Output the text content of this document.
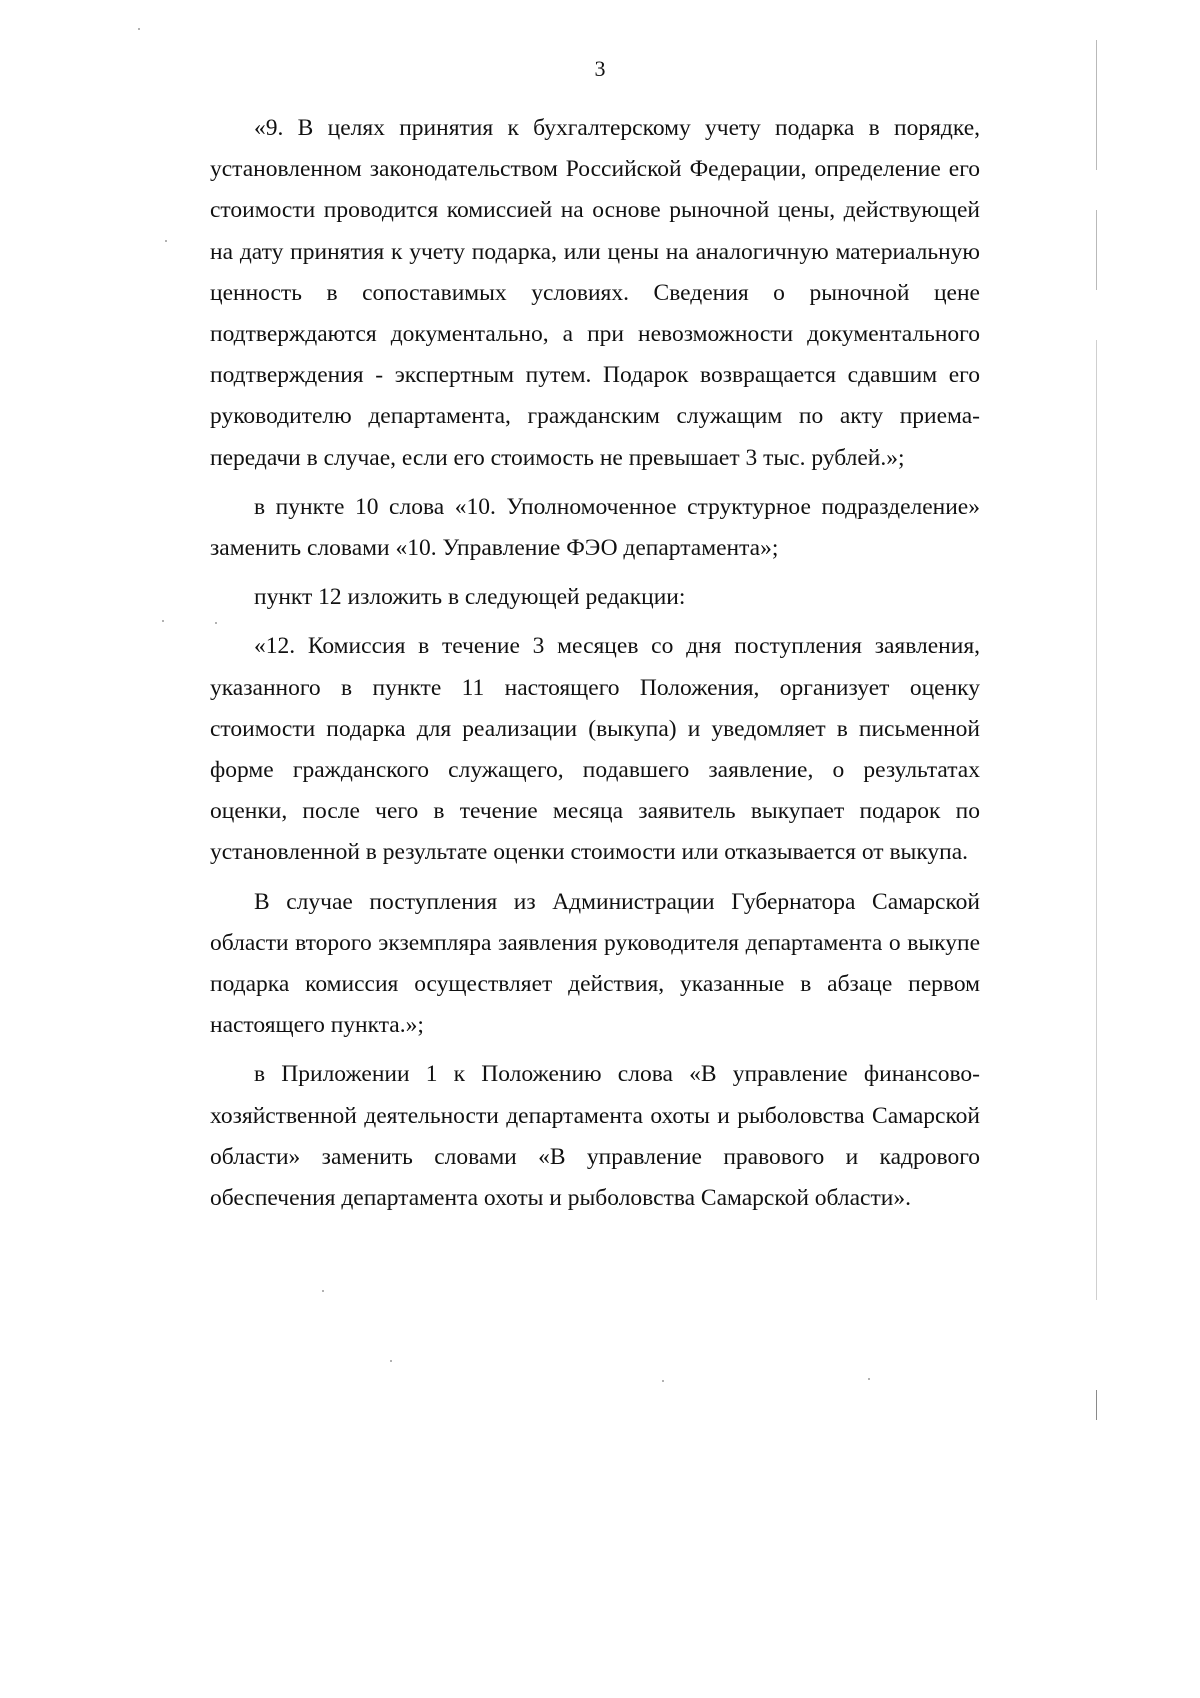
3

«9. В целях принятия к бухгалтерскому учету подарка в порядке, установленном законодательством Российской Федерации, определение его стоимости проводится комиссией на основе рыночной цены, действующей на дату принятия к учету подарка, или цены на аналогичную материальную ценность в сопоставимых условиях. Сведения о рыночной цене подтверждаются документально, а при невозможности документального подтверждения - экспертным путем. Подарок возвращается сдавшим его руководителю департамента, гражданским служащим по акту приема-передачи в случае, если его стоимость не превышает 3 тыс. рублей.»;

в пункте 10 слова «10. Уполномоченное структурное подразделение» заменить словами «10. Управление ФЭО департамента»;

пункт 12 изложить в следующей редакции:

«12. Комиссия в течение 3 месяцев со дня поступления заявления, указанного в пункте 11 настоящего Положения, организует оценку стоимости подарка для реализации (выкупа) и уведомляет в письменной форме гражданского служащего, подавшего заявление, о результатах оценки, после чего в течение месяца заявитель выкупает подарок по установленной в результате оценки стоимости или отказывается от выкупа.

В случае поступления из Администрации Губернатора Самарской области второго экземпляра заявления руководителя департамента о выкупе подарка комиссия осуществляет действия, указанные в абзаце первом настоящего пункта.»;

в Приложении 1 к Положению слова «В управление финансово-хозяйственной деятельности департамента охоты и рыболовства Самарской области» заменить словами «В управление правового и кадрового обеспечения департамента охоты и рыболовства Самарской области».
